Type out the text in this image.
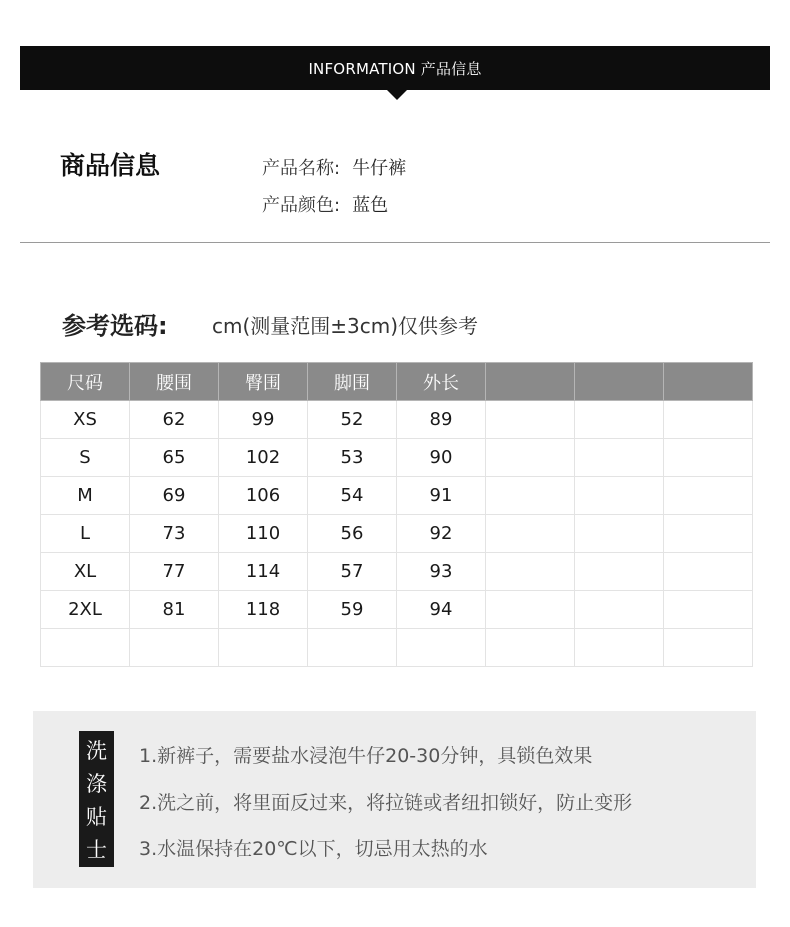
INFORMATION 产品信息
商品信息	产品名称: 牛仔裤
产品颜色: 蓝色
参考选码: cm(测量范围±3cm)仅供参考
尺码	腰围	臀围	脚围	外长			
XS	62	99	52	89			
S	65	102	53	90			
M	69	106	54	91			
L	73	110	56	92			
XL	77	114	57	93			
2XL	81	118	59	94			

洗
涤
贴
士
1.新裤子，需要盐水浸泡牛仔20-30分钟，具锁色效果
2.洗之前，将里面反过来，将拉链或者纽扣锁好，防止变形
3.水温保持在20℃以下，切忌用太热的水
